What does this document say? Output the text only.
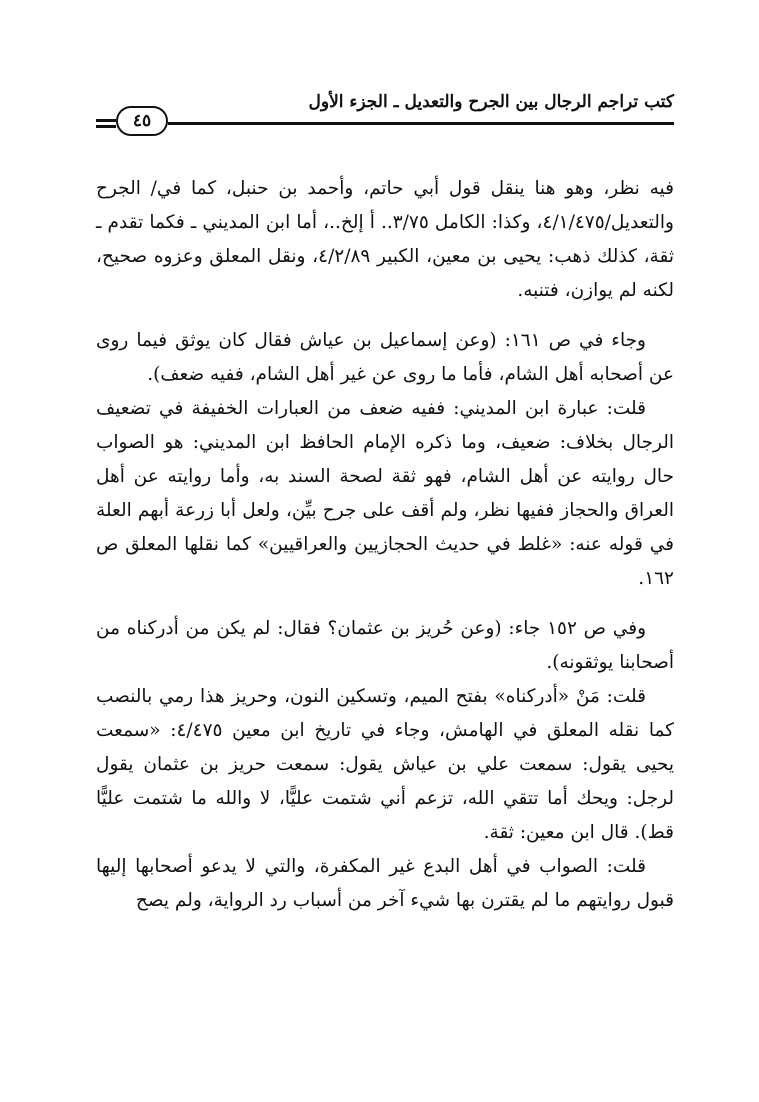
كتب تراجم الرجال بين الجرح والتعديل ـ الجزء الأول
٤٥

فيه نظر، وهو هنا ينقل قول أبي حاتم، وأحمد بن حنبل، كما في/ الجرح والتعديل/٤/١/٤٧٥، وكذا: الكامل ٣/٧٥.. أ إلخ..، أما ابن المديني ـ فكما تقدم ـ ثقة، كذلك ذهب: يحيى بن معين، الكبير ٤/٢/٨٩، ونقل المعلق وعزوه صحيح، لكنه لم يوازن، فتنبه.

وجاء في ص ١٦١: (وعن إسماعيل بن عياش فقال كان يوثق فيما روى عن أصحابه أهل الشام، فأما ما روى عن غير أهل الشام، ففيه ضعف).

قلت: عبارة ابن المديني: ففيه ضعف من العبارات الخفيفة في تضعيف الرجال بخلاف: ضعيف، وما ذكره الإمام الحافظ ابن المديني: هو الصواب حال روايته عن أهل الشام، فهو ثقة لصحة السند به، وأما روايته عن أهل العراق والحجاز ففيها نظر، ولم أقف على جرح بيِّن، ولعل أبا زرعة أبهم العلة في قوله عنه: «غلط في حديث الحجازيين والعراقيين» كما نقلها المعلق ص ١٦٢.

وفي ص ١٥٢ جاء: (وعن حُريز بن عثمان؟ فقال: لم يكن من أدركناه من أصحابنا يوثقونه).

قلت: مَنْ «أدركناه» بفتح الميم، وتسكين النون، وحريز هذا رمي بالنصب كما نقله المعلق في الهامش، وجاء في تاريخ ابن معين ٤/٤٧٥: «سمعت يحيى يقول: سمعت علي بن عياش يقول: سمعت حريز بن عثمان يقول لرجل: ويحك أما تتقي الله، تزعم أني شتمت عليًّا، لا والله ما شتمت عليًّا قط). قال ابن معين: ثقة.

قلت: الصواب في أهل البدع غير المكفرة، والتي لا يدعو أصحابها إليها قبول روايتهم ما لم يقترن بها شيء آخر من أسباب رد الرواية، ولم يصح
